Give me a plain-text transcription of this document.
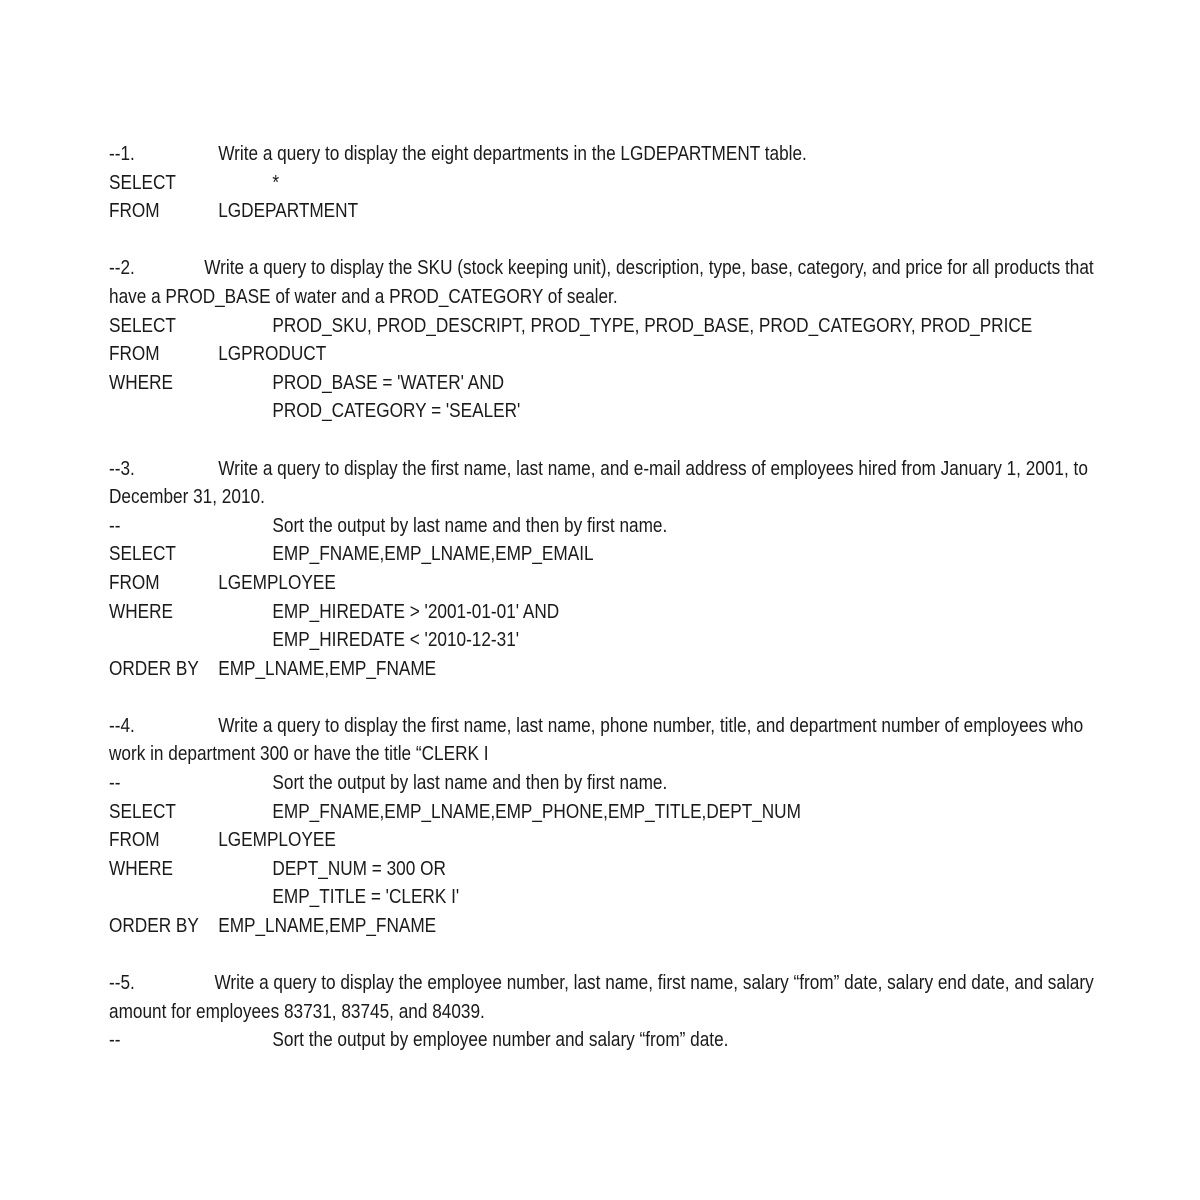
--1.	Write a query to display the eight departments in the LGDEPARTMENT table.
SELECT	*
FROM	LGDEPARTMENT
--2.	Write a query to display the SKU (stock keeping unit), description, type, base, category, and price for all products that
have a PROD_BASE of water and a PROD_CATEGORY of sealer.
SELECT	PROD_SKU, PROD_DESCRIPT, PROD_TYPE, PROD_BASE, PROD_CATEGORY, PROD_PRICE
FROM	LGPRODUCT
WHERE	PROD_BASE = 'WATER' AND
PROD_CATEGORY = 'SEALER'
--3.	Write a query to display the first name, last name, and e-mail address of employees hired from January 1, 2001, to
December 31, 2010.
--	Sort the output by last name and then by first name.
SELECT	EMP_FNAME,EMP_LNAME,EMP_EMAIL
FROM	LGEMPLOYEE
WHERE	EMP_HIREDATE > '2001-01-01' AND
EMP_HIREDATE < '2010-12-31'
ORDER BY EMP_LNAME,EMP_FNAME
--4.	Write a query to display the first name, last name, phone number, title, and department number of employees who
work in department 300 or have the title “CLERK I
--	Sort the output by last name and then by first name.
SELECT	EMP_FNAME,EMP_LNAME,EMP_PHONE,EMP_TITLE,DEPT_NUM
FROM	LGEMPLOYEE
WHERE	DEPT_NUM = 300 OR
EMP_TITLE = 'CLERK I'
ORDER BY EMP_LNAME,EMP_FNAME
--5.	Write a query to display the employee number, last name, first name, salary “from” date, salary end date, and salary
amount for employees 83731, 83745, and 84039.
--	Sort the output by employee number and salary “from” date.
